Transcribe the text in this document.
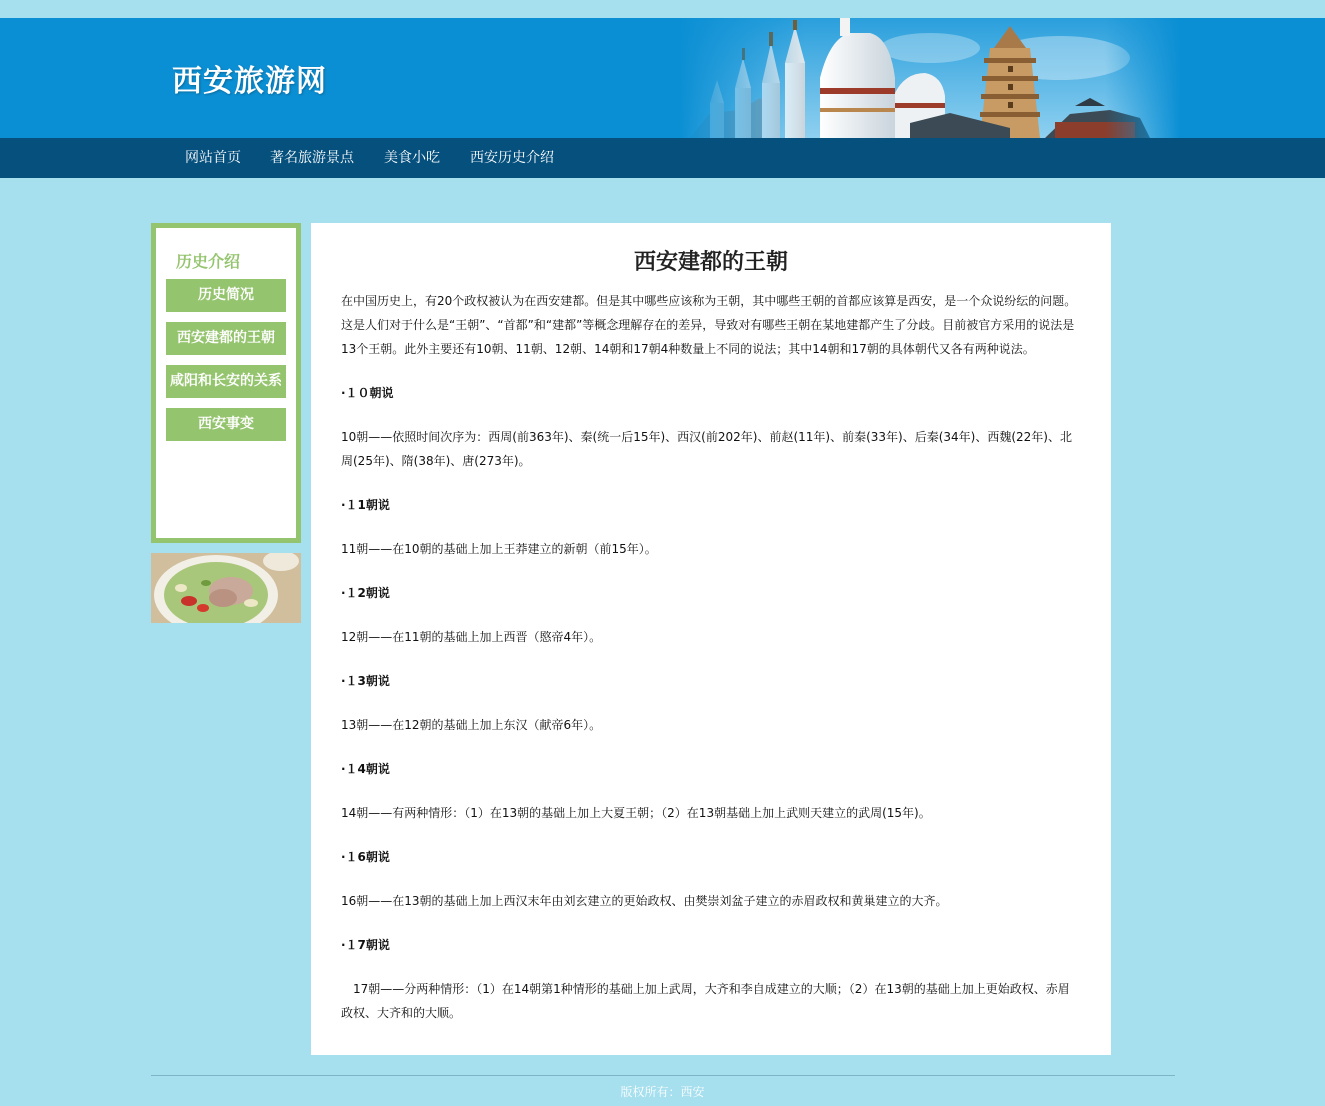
西安旅游网
网站首页 著名旅游景点 美食小吃 西安历史介绍
历史介绍
历史简况
西安建都的王朝
咸阳和长安的关系
西安事变
西安建都的王朝

在中国历史上，有20个政权被认为在西安建都。但是其中哪些应该称为王朝，其中哪些王朝的首都应该算是西安，是一个众说纷纭的问题。这是人们对于什么是“王朝”、“首都”和“建都”等概念理解存在的差异，导致对有哪些王朝在某地建都产生了分歧。目前被官方采用的说法是13个王朝。此外主要还有10朝、11朝、12朝、14朝和17朝4种数量上不同的说法；其中14朝和17朝的具体朝代又各有两种说法。

·１０朝说

10朝——依照时间次序为：西周(前363年)、秦(统一后15年)、西汉(前202年)、前赵(11年)、前秦(33年)、后秦(34年)、西魏(22年)、北周(25年)、隋(38年)、唐(273年)。

·１1朝说

11朝——在10朝的基础上加上王莽建立的新朝（前15年）。

·１2朝说

12朝——在11朝的基础上加上西晋（愍帝4年）。

·１3朝说

13朝——在12朝的基础上加上东汉（献帝6年）。

·１4朝说

14朝——有两种情形：（1）在13朝的基础上加上大夏王朝；（2）在13朝基础上加上武则天建立的武周(15年)。

·１6朝说

16朝——在13朝的基础上加上西汉末年由刘玄建立的更始政权、由樊崇刘盆子建立的赤眉政权和黄巢建立的大齐。

·１7朝说

　17朝——分两种情形：（1）在14朝第1种情形的基础上加上武周，大齐和李自成建立的大顺；（2）在13朝的基础上加上更始政权、赤眉政权、大齐和的大顺。

版权所有：西安
